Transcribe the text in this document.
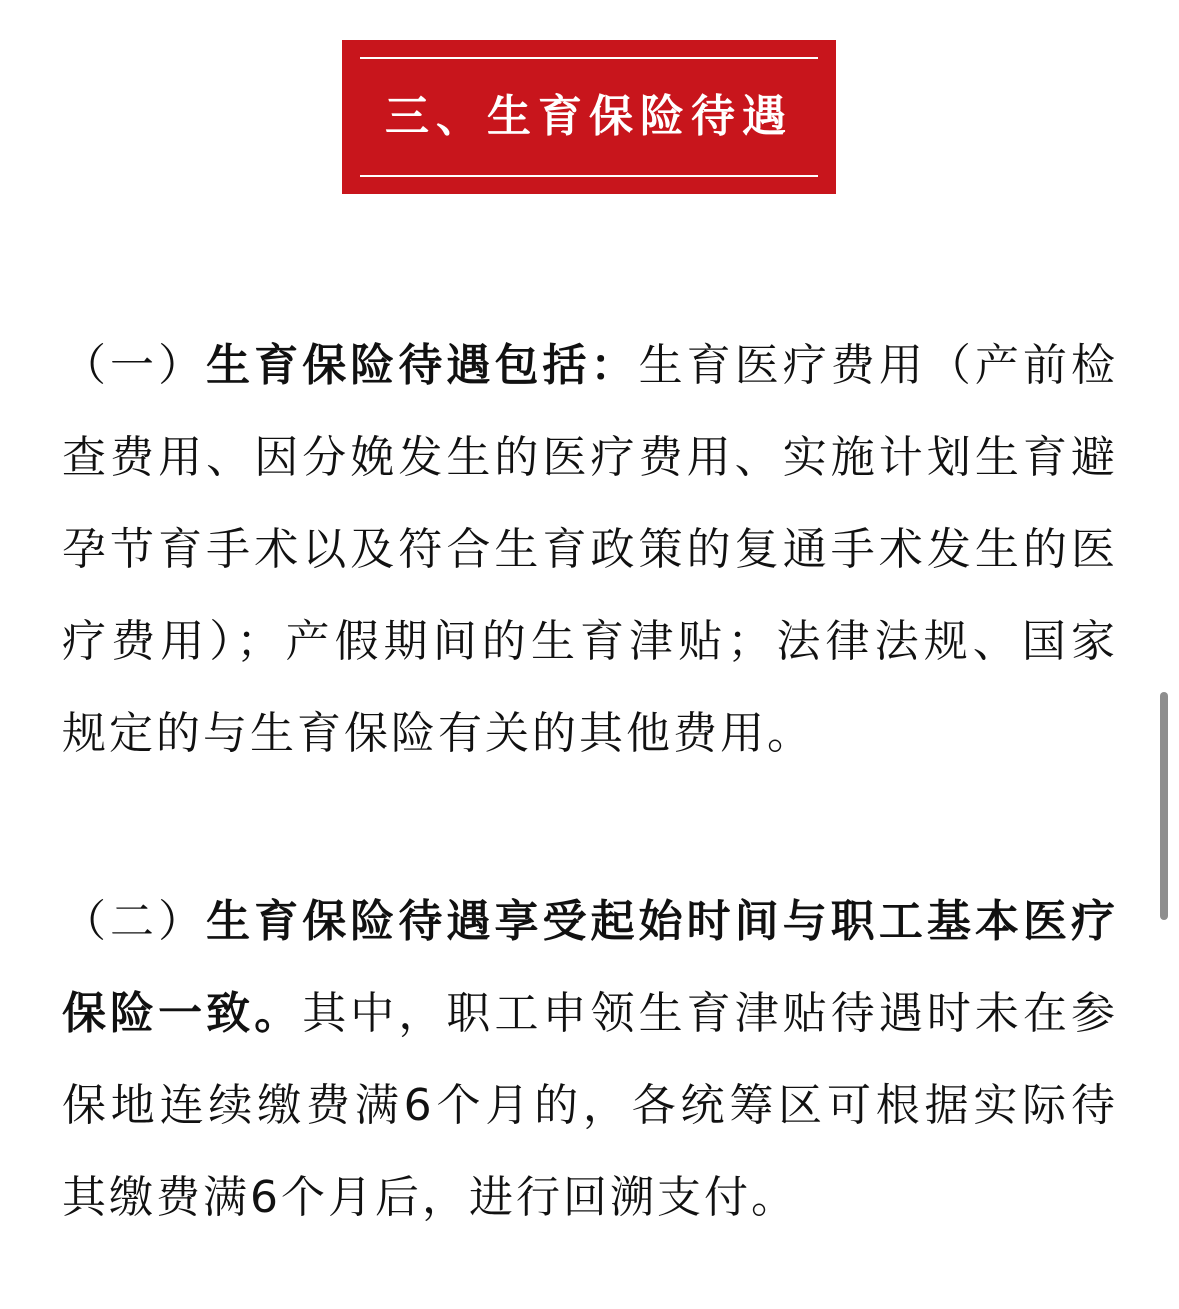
三、生育保险待遇

（一）生育保险待遇包括：生育医疗费用（产前检查费用、因分娩发生的医疗费用、实施计划生育避孕节育手术以及符合生育政策的复通手术发生的医疗费用）；产假期间的生育津贴；法律法规、国家规定的与生育保险有关的其他费用。

（二）生育保险待遇享受起始时间与职工基本医疗保险一致。其中，职工申领生育津贴待遇时未在参保地连续缴费满6个月的，各统筹区可根据实际待其缴费满6个月后，进行回溯支付。
